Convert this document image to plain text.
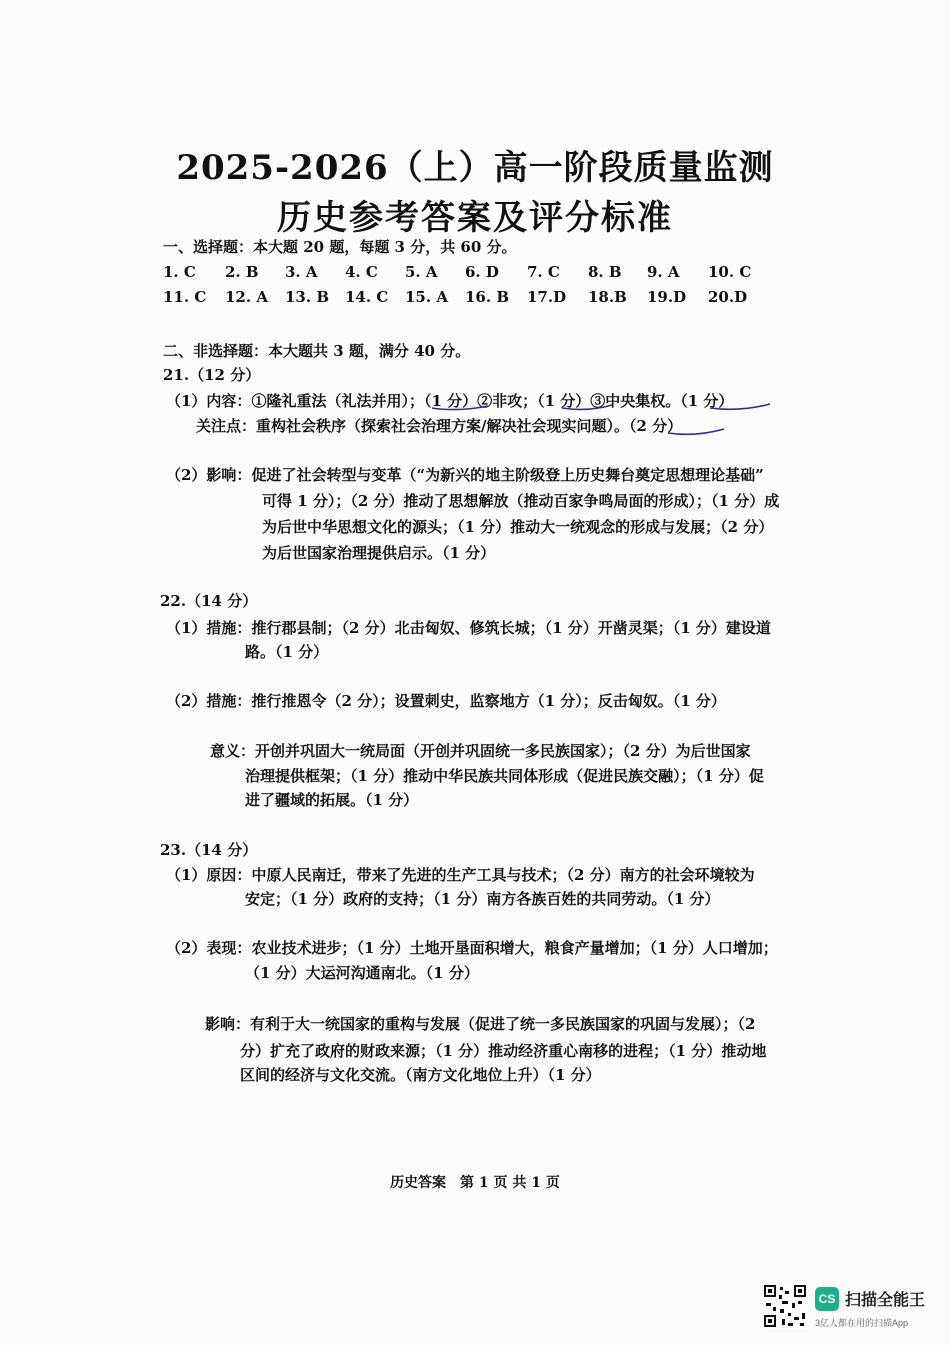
2025-2026（上）高一阶段质量监测
历史参考答案及评分标准
一、选择题：本大题 20 题，每题 3 分，共 60 分。
1. C 2. B 3. A 4. C 5. A 6. D 7. C 8. B 9. A 10. C
11. C 12. A 13. B 14. C 15. A 16. B 17.D 18.B 19.D 20.D
二、非选择题：本大题共 3 题，满分 40 分。
21.（12 分）
（1）内容：①隆礼重法（礼法并用）；（1 分）②非攻；（1 分）③中央集权。（1 分）
关注点：重构社会秩序（探索社会治理方案/解决社会现实问题）。（2 分）
（2）影响：促进了社会转型与变革（“为新兴的地主阶级登上历史舞台奠定思想理论基础”
可得 1 分）；（2 分）推动了思想解放（推动百家争鸣局面的形成）；（1 分）成
为后世中华思想文化的源头；（1 分）推动大一统观念的形成与发展；（2 分）
为后世国家治理提供启示。（1 分）
22.（14 分）
（1）措施：推行郡县制；（2 分）北击匈奴、修筑长城；（1 分）开凿灵渠；（1 分）建设道
路。（1 分）
（2）措施：推行推恩令（2 分）；设置刺史，监察地方（1 分）；反击匈奴。（1 分）
意义：开创并巩固大一统局面（开创并巩固统一多民族国家）；（2 分）为后世国家
治理提供框架；（1 分）推动中华民族共同体形成（促进民族交融）；（1 分）促
进了疆域的拓展。（1 分）
23.（14 分）
（1）原因：中原人民南迁，带来了先进的生产工具与技术；（2 分）南方的社会环境较为
安定；（1 分）政府的支持；（1 分）南方各族百姓的共同劳动。（1 分）
（2）表现：农业技术进步；（1 分）土地开垦面积增大，粮食产量增加；（1 分）人口增加；
（1 分）大运河沟通南北。（1 分）
影响：有利于大一统国家的重构与发展（促进了统一多民族国家的巩固与发展）；（2
分）扩充了政府的财政来源；（1 分）推动经济重心南移的进程；（1 分）推动地
区间的经济与文化交流。（南方文化地位上升）（1 分）
历史答案　第 1 页 共 1 页
CS 扫描全能王
3亿人都在用的扫描App
